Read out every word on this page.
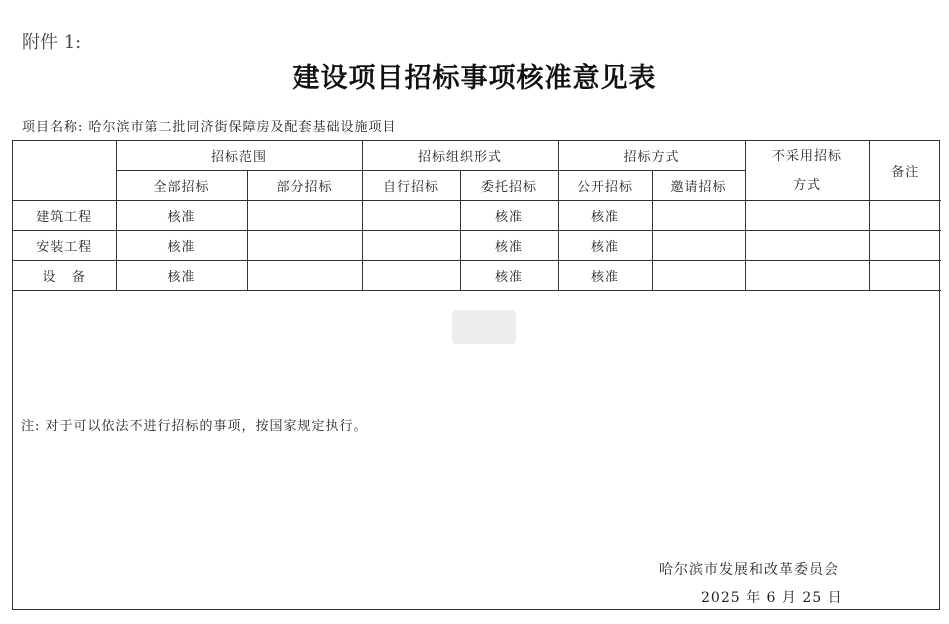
附件 1:
建设项目招标事项核准意见表
项目名称: 哈尔滨市第二批同济街保障房及配套基础设施项目
	招标范围		招标组织形式		招标方式		不采用招标方式	备注
	全部招标	部分招标	自行招标	委托招标	公开招标	邀请招标		
建筑工程	核准			核准	核准			
安装工程	核准			核准	核准			
设   备	核准			核准	核准			
注: 对于可以依法不进行招标的事项，按国家规定执行。
哈尔滨市发展和改革委员会
2025 年 6 月 25 日
